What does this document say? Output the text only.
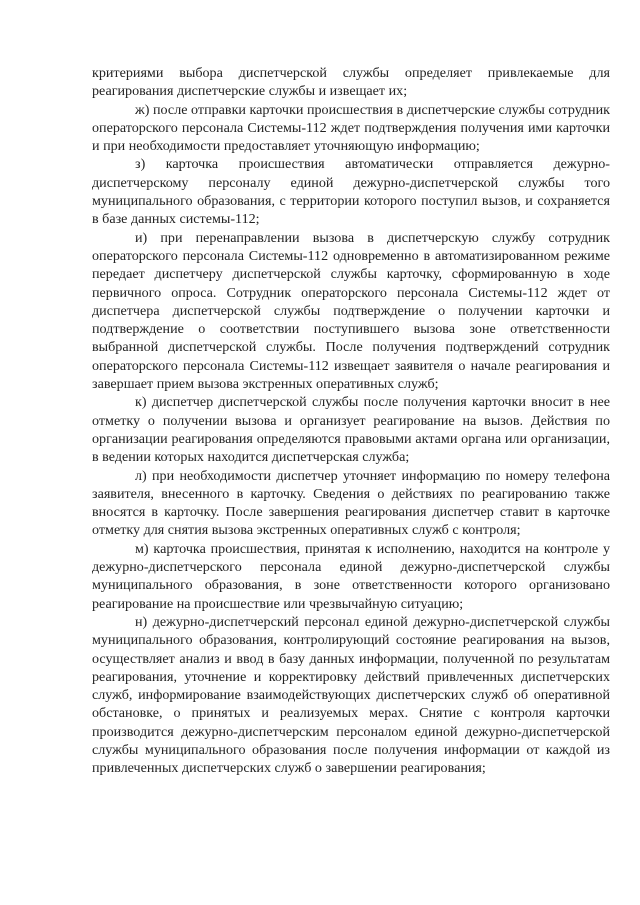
критериями выбора диспетчерской службы определяет привлекаемые для реагирования диспетчерские службы и извещает их;

ж) после отправки карточки происшествия в диспетчерские службы сотрудник операторского персонала Системы-112 ждет подтверждения получения ими карточки и при необходимости предоставляет уточняющую информацию;

з) карточка происшествия автоматически отправляется дежурно-диспетчерскому персоналу единой дежурно-диспетчерской службы того муниципального образования, с территории которого поступил вызов, и сохраняется в базе данных системы-112;

и) при перенаправлении вызова в диспетчерскую службу сотрудник операторского персонала Системы-112 одновременно в автоматизированном режиме передает диспетчеру диспетчерской службы карточку, сформированную в ходе первичного опроса. Сотрудник операторского персонала Системы-112 ждет от диспетчера диспетчерской службы подтверждение о получении карточки и подтверждение о соответствии поступившего вызова зоне ответственности выбранной диспетчерской службы. После получения подтверждений сотрудник операторского персонала Системы-112 извещает заявителя о начале реагирования и завершает прием вызова экстренных оперативных служб;

к) диспетчер диспетчерской службы после получения карточки вносит в нее отметку о получении вызова и организует реагирование на вызов. Действия по организации реагирования определяются правовыми актами органа или организации, в ведении которых находится диспетчерская служба;

л) при необходимости диспетчер уточняет информацию по номеру телефона заявителя, внесенного в карточку. Сведения о действиях по реагированию также вносятся в карточку. После завершения реагирования диспетчер ставит в карточке отметку для снятия вызова экстренных оперативных служб с контроля;

м) карточка происшествия, принятая к исполнению, находится на контроле у дежурно-диспетчерского персонала единой дежурно-диспетчерской службы муниципального образования, в зоне ответственности которого организовано реагирование на происшествие или чрезвычайную ситуацию;

н) дежурно-диспетчерский персонал единой дежурно-диспетчерской службы муниципального образования, контролирующий состояние реагирования на вызов, осуществляет анализ и ввод в базу данных информации, полученной по результатам реагирования, уточнение и корректировку действий привлеченных диспетчерских служб, информирование взаимодействующих диспетчерских служб об оперативной обстановке, о принятых и реализуемых мерах. Снятие с контроля карточки производится дежурно-диспетчерским персоналом единой дежурно-диспетчерской службы муниципального образования после получения информации от каждой из привлеченных диспетчерских служб о завершении реагирования;
